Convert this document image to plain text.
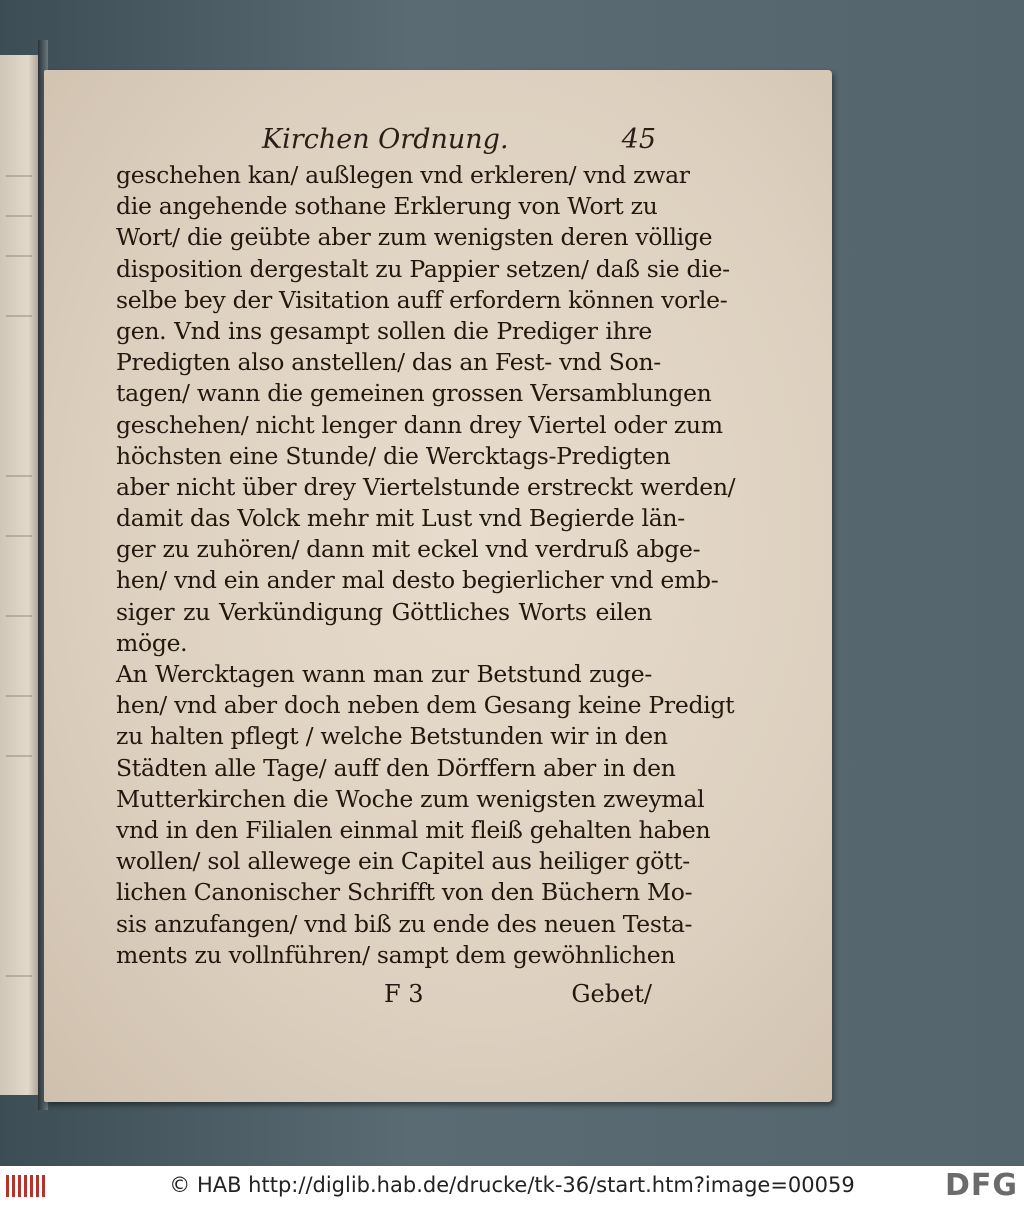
Kirchen Ordnung.	45
geschehen kan/ außlegen vnd erkleren/ vnd zwar
die angehende sothane Erklerung von Wort zu
Wort/ die geübte aber zum wenigsten deren völlige
disposition dergestalt zu Pappier setzen/ daß sie die-
selbe bey der Visitation auff erfordern können vorle-
gen. Vnd ins gesampt sollen die Prediger ihre
Predigten also anstellen/ das an Fest- vnd Son-
tagen/ wann die gemeinen grossen Versamblungen
geschehen/ nicht lenger dann drey Viertel oder zum
höchsten eine Stunde/ die Wercktags-Predigten
aber nicht über drey Viertelstunde erstreckt werden/
damit das Volck mehr mit Lust vnd Begierde län-
ger zu zuhören/ dann mit eckel vnd verdruß abge-
hen/ vnd ein ander mal desto begierlicher vnd emb-
siger zu Verkündigung Göttliches Worts eilen
möge.
An Wercktagen wann man zur Betstund zuge-
hen/ vnd aber doch neben dem Gesang keine Predigt
zu halten pflegt / welche Betstunden wir in den
Städten alle Tage/ auff den Dörffern aber in den
Mutterkirchen die Woche zum wenigsten zweymal
vnd in den Filialen einmal mit fleiß gehalten haben
wollen/ sol allewege ein Capitel aus heiliger gött-
lichen Canonischer Schrifft von den Büchern Mo-
sis anzufangen/ vnd biß zu ende des neuen Testa-
ments zu vollnführen/ sampt dem gewöhnlichen
F 3	Gebet/
© HAB http://diglib.hab.de/drucke/tk-36/start.htm?image=00059	DFG
